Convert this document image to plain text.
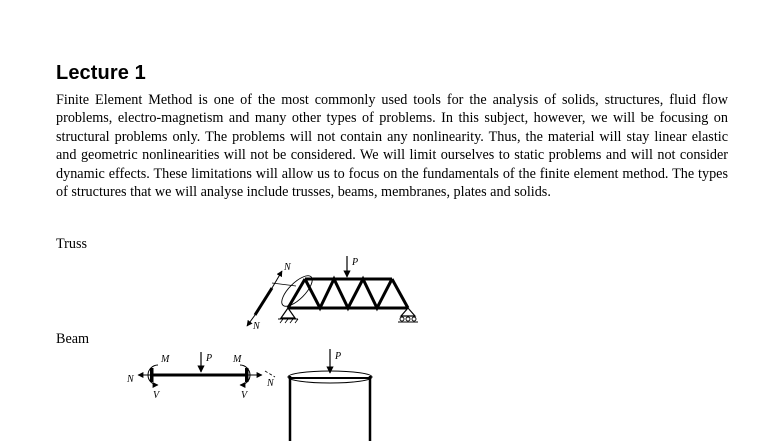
Lecture 1

Finite Element Method is one of the most commonly used tools for the analysis of solids, structures, fluid flow problems, electro-magnetism and many other types of problems. In this subject, however, we will be focusing on structural problems only. The problems will not contain any nonlinearity. Thus, the material will stay linear elastic and geometric nonlinearities will not be considered. We will limit ourselves to static problems and will not consider dynamic effects. These limitations will allow us to focus on the fundamentals of the finite element method. The types of structures that we will analyse include trusses, beams, membranes, plates and solids.

Truss
Beam
P
N
N
N	N
M	M
V	V
P	P
